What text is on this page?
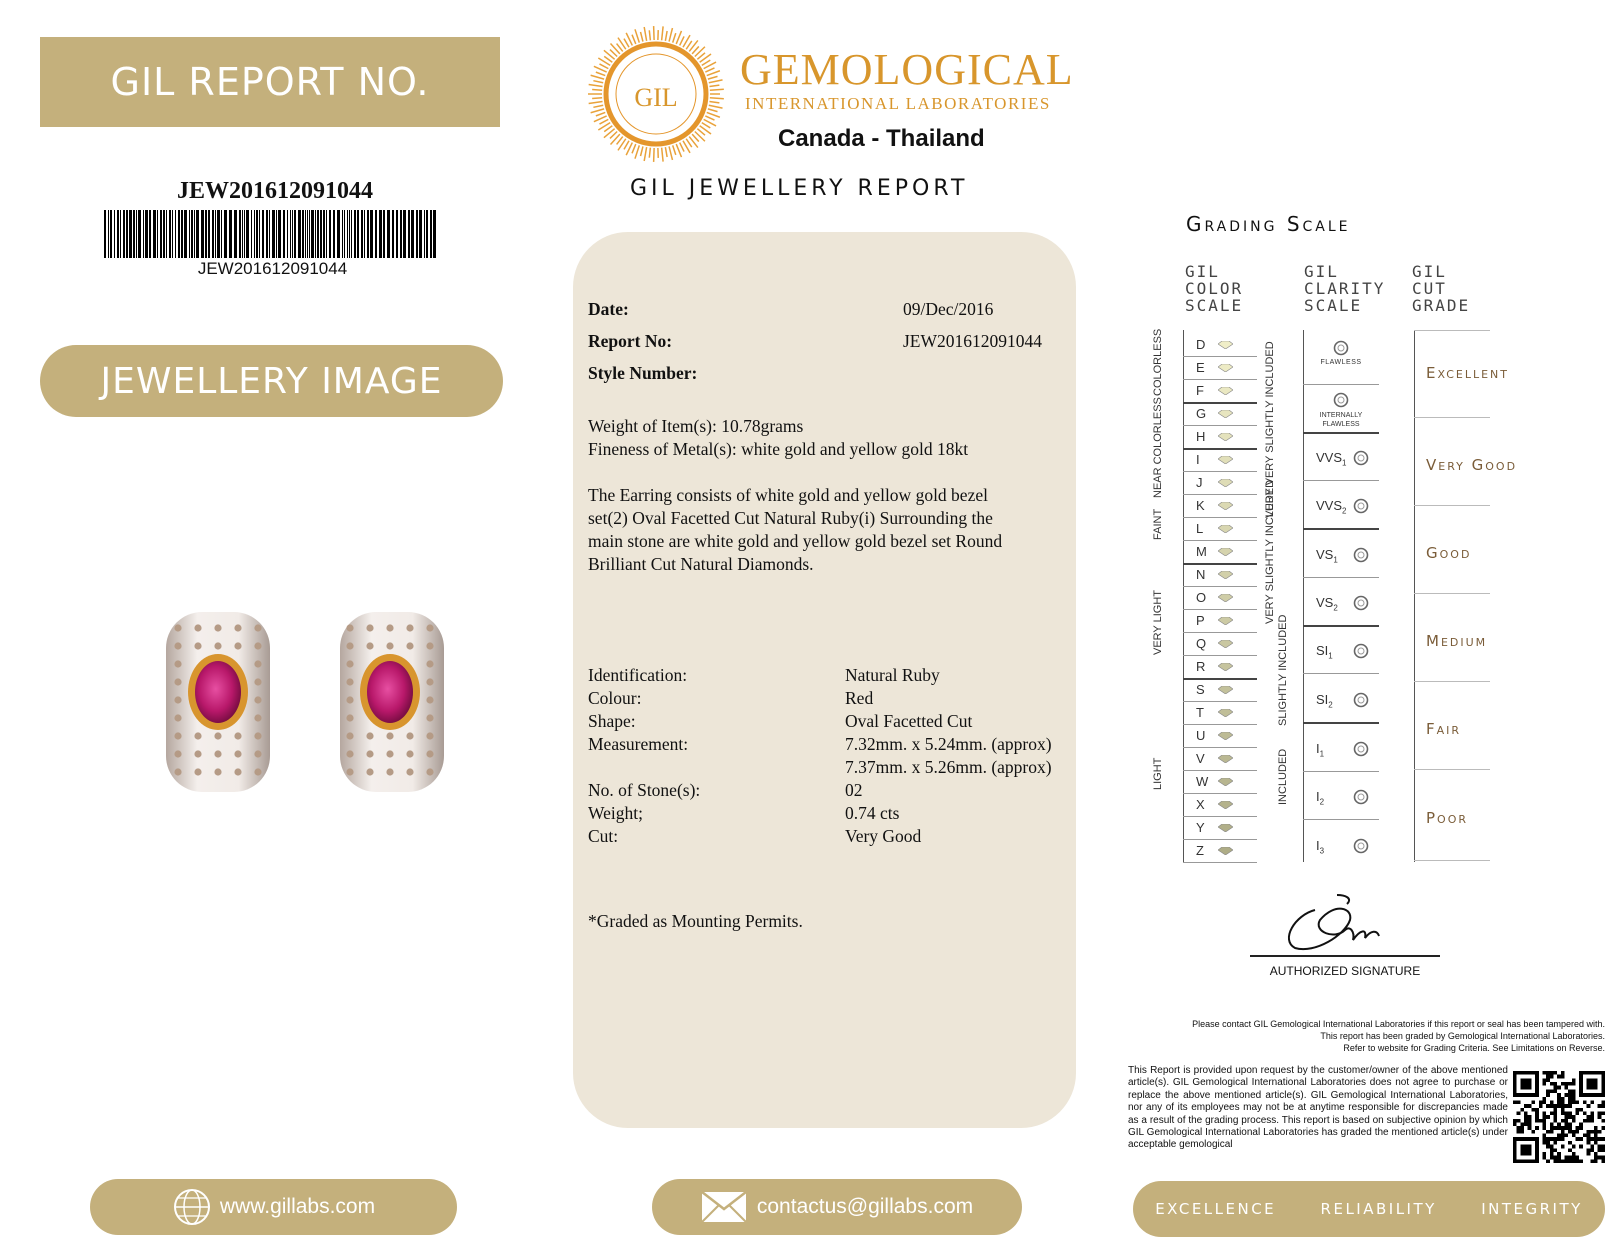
GIL REPORT NO.
JEW201612091044
JEW201612091044
JEWELLERY IMAGE
GIL
GEMOLOGICAL
INTERNATIONAL LABORATORIES
Canada - Thailand
GIL JEWELLERY REPORT
Date:	09/Dec/2016
Report No:	JEW201612091044
Style Number:
Weight of Item(s): 10.78grams
Fineness of Metal(s): white gold and yellow gold 18kt
The Earring consists of white gold and yellow gold bezel
set(2) Oval Facetted Cut Natural Ruby(i) Surrounding the
main stone are white gold and yellow gold bezel set Round
Brilliant Cut Natural Diamonds.
Identification:	Natural Ruby
Colour:	Red
Shape:	Oval Facetted Cut
Measurement:	7.32mm. x 5.24mm. (approx)
7.37mm. x 5.26mm. (approx)
No. of Stone(s):	02
Weight;	0.74 cts
Cut:	Very Good
*Graded as Mounting Permits.
Grading Scale
GIL
COLOR
SCALE
GIL
CLARITY
SCALE
GIL
CUT
GRADE
D
E
F
G
H
I
J
K
L
M
N
O
P
Q
R
S
T
U
V
W
X
Y
Z
COLORLESS
NEAR COLORLESS
FAINT
VERY LIGHT
LIGHT
VERY VERY SLIGHTLY INCLUDED
VERY SLIGHTLY INCLUDED
SLIGHTLY INCLUDED
INCLUDED
FLAWLESS
INTERNALLY
FLAWLESS
$VVS_1$
$VVS_2$
$VS_1$
$VS_2$
$SI_1$
$SI_2$
$I_1$
$I_2$
$I_3$
Excellent
Very Good
Good
Medium
Fair
Poor
AUTHORIZED SIGNATURE
Please contact GIL Gemological International Laboratories if this report or seal has been tampered with.
This report has been graded by Gemological International Laboratories.
Refer to website for Grading Criteria. See Limitations on Reverse.
This Report is provided upon request by the customer/owner of the above mentioned article(s). GIL Gemological International Laboratories does not agree to purchase or replace the above mentioned article(s). GIL Gemological International Laboratories, nor any of its employees may not be at anytime responsible for discrepancies made as a result of the grading process. This report is based on subjective opinion by which GIL Gemological International Laboratories has graded the mentioned article(s) under acceptable gemological
www.gillabs.com	contactus@gillabs.com	EXCELLENCE	RELIABILITY	INTEGRITY
